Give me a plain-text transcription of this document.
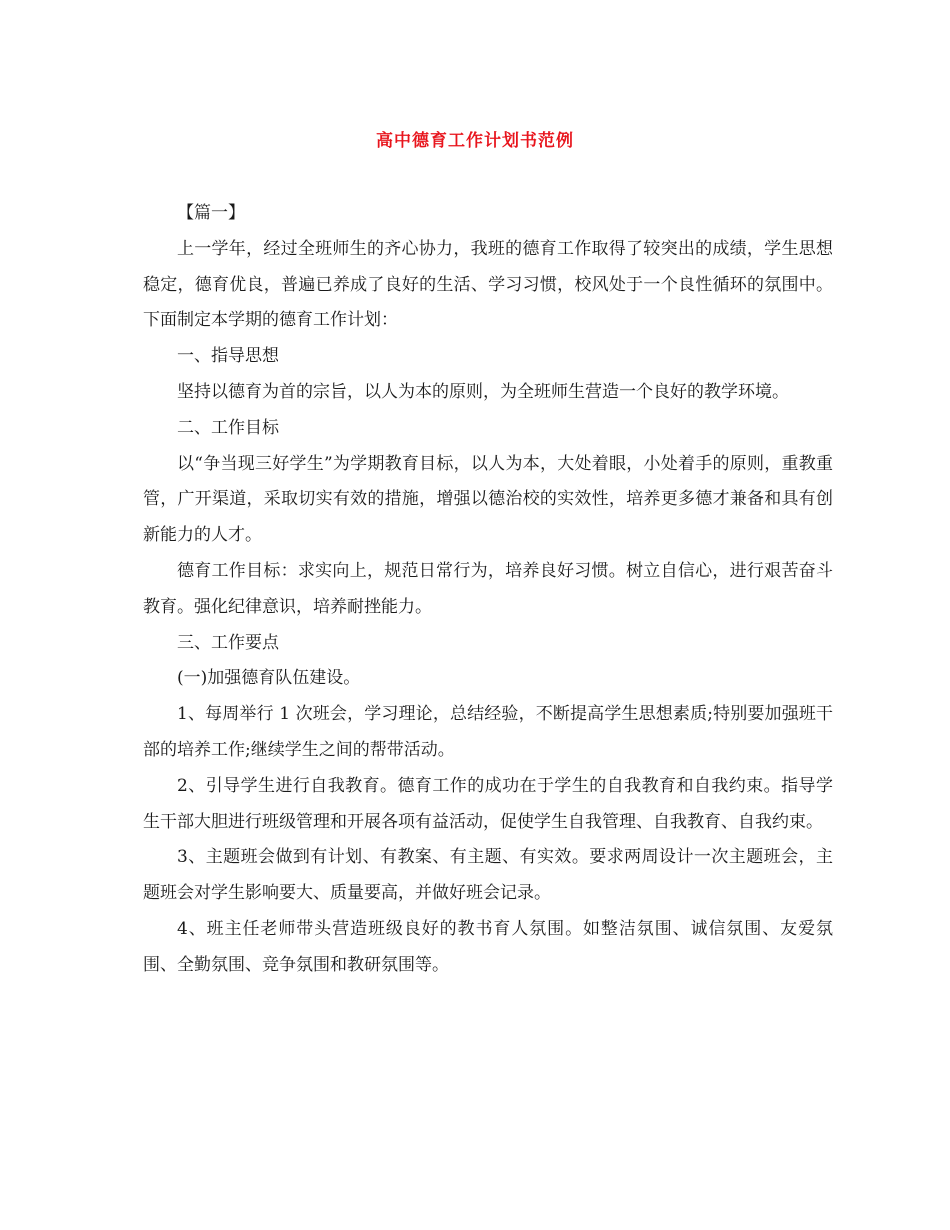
高中德育工作计划书范例

【篇一】

上一学年，经过全班师生的齐心协力，我班的德育工作取得了较突出的成绩，学生思想稳定，德育优良，普遍已养成了良好的生活、学习习惯，校风处于一个良性循环的氛围中。下面制定本学期的德育工作计划：

一、指导思想

坚持以德育为首的宗旨，以人为本的原则，为全班师生营造一个良好的教学环境。

二、工作目标

以“争当现三好学生”为学期教育目标，以人为本，大处着眼，小处着手的原则，重教重管，广开渠道，采取切实有效的措施，增强以德治校的实效性，培养更多德才兼备和具有创新能力的人才。

德育工作目标：求实向上，规范日常行为，培养良好习惯。树立自信心，进行艰苦奋斗教育。强化纪律意识，培养耐挫能力。

三、工作要点

(一)加强德育队伍建设。

1、每周举行 1 次班会，学习理论，总结经验，不断提高学生思想素质;特别要加强班干部的培养工作;继续学生之间的帮带活动。

2、引导学生进行自我教育。德育工作的成功在于学生的自我教育和自我约束。指导学生干部大胆进行班级管理和开展各项有益活动，促使学生自我管理、自我教育、自我约束。

3、主题班会做到有计划、有教案、有主题、有实效。要求两周设计一次主题班会，主题班会对学生影响要大、质量要高，并做好班会记录。

4、班主任老师带头营造班级良好的教书育人氛围。如整洁氛围、诚信氛围、友爱氛围、全勤氛围、竞争氛围和教研氛围等。
